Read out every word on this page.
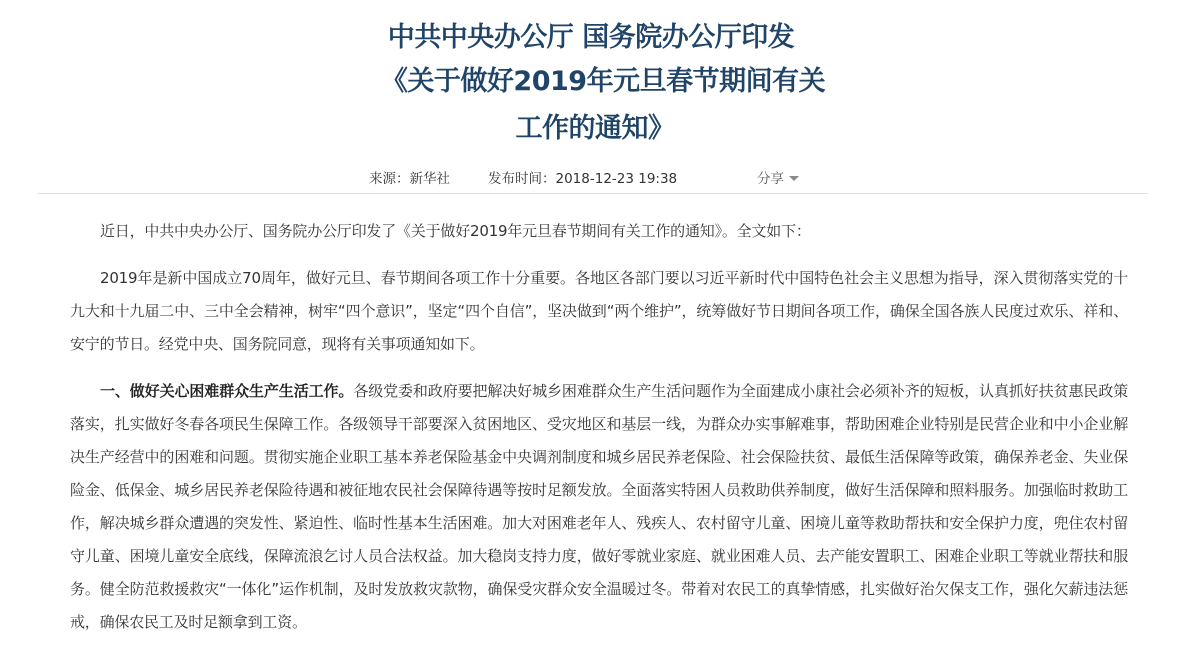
中共中央办公厅 国务院办公厅印发
《关于做好2019年元旦春节期间有关
工作的通知》
来源：新华社	发布时间：2018-12-23 19:38	分享

近日，中共中央办公厅、国务院办公厅印发了《关于做好2019年元旦春节期间有关工作的通知》。全文如下：

2019年是新中国成立70周年，做好元旦、春节期间各项工作十分重要。各地区各部门要以习近平新时代中国特色社会主义思想为指导，深入贯彻落实党的十九大和十九届二中、三中全会精神，树牢“四个意识”，坚定“四个自信”，坚决做到“两个维护”，统筹做好节日期间各项工作，确保全国各族人民度过欢乐、祥和、安宁的节日。经党中央、国务院同意，现将有关事项通知如下。

一、做好关心困难群众生产生活工作。各级党委和政府要把解决好城乡困难群众生产生活问题作为全面建成小康社会必须补齐的短板，认真抓好扶贫惠民政策落实，扎实做好冬春各项民生保障工作。各级领导干部要深入贫困地区、受灾地区和基层一线，为群众办实事解难事，帮助困难企业特别是民营企业和中小企业解决生产经营中的困难和问题。贯彻实施企业职工基本养老保险基金中央调剂制度和城乡居民养老保险、社会保险扶贫、最低生活保障等政策，确保养老金、失业保险金、低保金、城乡居民养老保险待遇和被征地农民社会保障待遇等按时足额发放。全面落实特困人员救助供养制度，做好生活保障和照料服务。加强临时救助工作，解决城乡群众遭遇的突发性、紧迫性、临时性基本生活困难。加大对困难老年人、残疾人、农村留守儿童、困境儿童等救助帮扶和安全保护力度，兜住农村留守儿童、困境儿童安全底线，保障流浪乞讨人员合法权益。加大稳岗支持力度，做好零就业家庭、就业困难人员、去产能安置职工、困难企业职工等就业帮扶和服务。健全防范救援救灾“一体化”运作机制，及时发放救灾款物，确保受灾群众安全温暖过冬。带着对农民工的真挚情感，扎实做好治欠保支工作，强化欠薪违法惩戒，确保农民工及时足额拿到工资。
